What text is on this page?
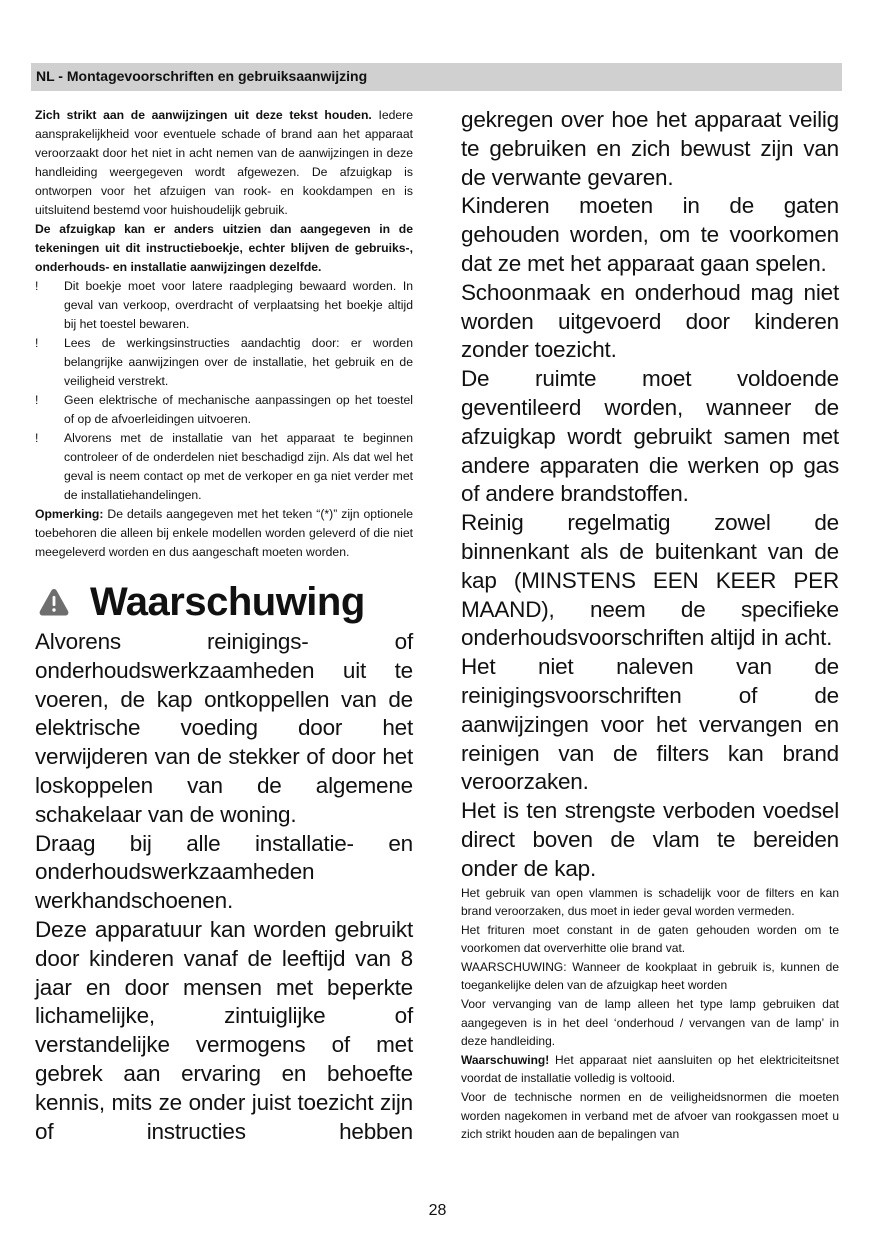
NL - Montagevoorschriften en gebruiksaanwijzing

Zich strikt aan de aanwijzingen uit deze tekst houden. Iedere aansprakelijkheid voor eventuele schade of brand aan het apparaat veroorzaakt door het niet in acht nemen van de aanwijzingen in deze handleiding weergegeven wordt afgewezen. De afzuigkap is ontworpen voor het afzuigen van rook- en kookdampen en is uitsluitend bestemd voor huishoudelijk gebruik.

De afzuigkap kan er anders uitzien dan aangegeven in de tekeningen uit dit instructieboekje, echter blijven de gebruiks-, onderhouds- en installatie aanwijzingen dezelfde.

!	Dit boekje moet voor latere raadpleging bewaard worden. In geval van verkoop, overdracht of verplaatsing het boekje altijd bij het toestel bewaren.
!	Lees de werkingsinstructies aandachtig door: er worden belangrijke aanwijzingen over de installatie, het gebruik en de veiligheid verstrekt.
!	Geen elektrische of mechanische aanpassingen op het toestel of op de afvoerleidingen uitvoeren.
!	Alvorens met de installatie van het apparaat te beginnen controleer of de onderdelen niet beschadigd zijn. Als dat wel het geval is neem contact op met de verkoper en ga niet verder met de installatiehandelingen.

Opmerking: De details aangegeven met het teken “(*)” zijn optionele toebehoren die alleen bij enkele modellen worden geleverd of die niet meegeleverd worden en dus aangeschaft moeten worden.

Waarschuwing

Alvorens reinigings- of onderhoudswerkzaamheden uit te voeren, de kap ontkoppellen van de elektrische voeding door het verwijderen van de stekker of door het loskoppelen van de algemene schakelaar van de woning.

Draag bij alle installatie- en onderhoudswerkzaamheden werkhandschoenen.

Deze apparatuur kan worden gebruikt door kinderen vanaf de leeftijd van 8 jaar en door mensen met beperkte lichamelijke, zintuiglijke of verstandelijke vermogens of met gebrek aan ervaring en behoefte kennis, mits ze onder juist toezicht zijn of instructies hebben

gekregen over hoe het apparaat veilig te gebruiken en zich bewust zijn van de verwante gevaren.

Kinderen moeten in de gaten gehouden worden, om te voorkomen dat ze met het apparaat gaan spelen.

Schoonmaak en onderhoud mag niet worden uitgevoerd door kinderen zonder toezicht.

De ruimte moet voldoende geventileerd worden, wanneer de afzuigkap wordt gebruikt samen met andere apparaten die werken op gas of andere brandstoffen.

Reinig regelmatig zowel de binnenkant als de buitenkant van de kap (MINSTENS EEN KEER PER MAAND), neem de specifieke onderhoudsvoorschriften altijd in acht.

Het niet naleven van de reinigingsvoorschriften of de aanwijzingen voor het vervangen en reinigen van de filters kan brand veroorzaken.

Het is ten strengste verboden voedsel direct boven de vlam te bereiden onder de kap.

Het gebruik van open vlammen is schadelijk voor de filters en kan brand veroorzaken, dus moet in ieder geval worden vermeden.

Het frituren moet constant in de gaten gehouden worden om te voorkomen dat oververhitte olie brand vat.

WAARSCHUWING: Wanneer de kookplaat in gebruik is, kunnen de toegankelijke delen van de afzuigkap heet worden

Voor vervanging van de lamp alleen het type lamp gebruiken dat aangegeven is in het deel ‘onderhoud / vervangen van de lamp’ in deze handleiding.

Waarschuwing! Het apparaat niet aansluiten op het elektriciteitsnet voordat de installatie volledig is voltooid.

Voor de technische normen en de veiligheidsnormen die moeten worden nagekomen in verband met de afvoer van rookgassen moet u zich strikt houden aan de bepalingen van

28
